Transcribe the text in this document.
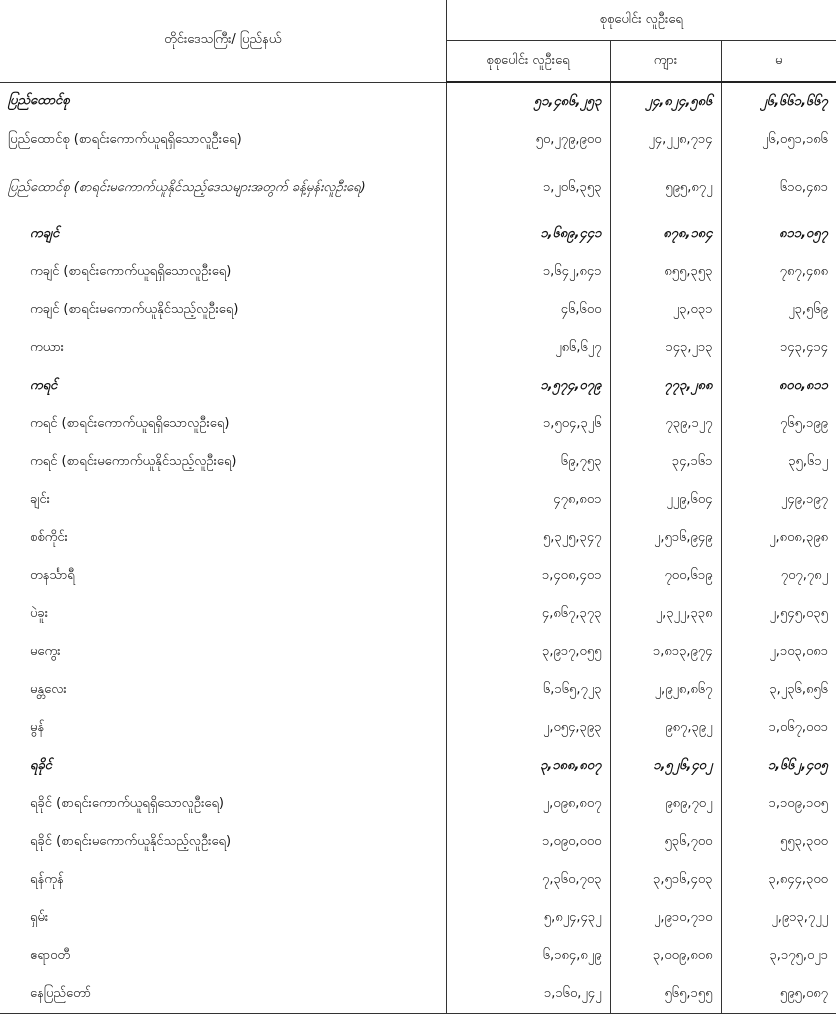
တိုင်းဒေသကြီး/ ပြည်နယ်	စုစုပေါင်း လူဦးရေ		
	စုစုပေါင်း လူဦးရေ	ကျား	မ
ပြည်ထောင်စု	၅၁,၄၈၆,၂၅၃	၂၄,၈၂၄,၅၈၆	၂၆,၆၆၁,၆၆၇
ပြည်ထောင်စု (စာရင်းကောက်ယူရရှိသောလူဦးရေ)	၅၀,၂၇၉,၉၀၀	၂၄,၂၂၈,၇၁၄	၂၆,၀၅၁,၁၈၆
ပြည်ထောင်စု (စာရင်းမကောက်ယူနိုင်သည့်ဒေသများအတွက် ခန့်မှန်းလူဦးရေ)	၁,၂၀၆,၃၅၃	၅၉၅,၈၇၂	၆၁၀,၄၈၁
ကချင်	၁,၆၈၉,၄၄၁	၈၇၈,၁၈၄	၈၁၁,၀၅၇
ကချင် (စာရင်းကောက်ယူရရှိသောလူဦးရေ)	၁,၆၄၂,၈၄၁	၈၅၅,၃၅၃	၇၈၇,၄၈၈
ကချင် (စာရင်းမကောက်ယူနိုင်သည့်လူဦးရေ)	၄၆,၆၀၀	၂၃,၀၃၁	၂၃,၅၆၉
ကယား	၂၈၆,၆၂၇	၁၄၃,၂၁၃	၁၄၃,၄၁၄
ကရင်	၁,၅၇၄,၀၇၉	၇၇၃,၂၈၈	၈၀၀,၈၁၁
ကရင် (စာရင်းကောက်ယူရရှိသောလူဦးရေ)	၁,၅၀၄,၃၂၆	၇၃၉,၁၂၇	၇၆၅,၁၉၉
ကရင် (စာရင်းမကောက်ယူနိုင်သည့်လူဦးရေ)	၆၉,၇၅၃	၃၄,၁၆၁	၃၅,၆၁၂
ချင်း	၄၇၈,၈၀၁	၂၂၉,၆၀၄	၂၄၉,၁၉၇
စစ်ကိုင်း	၅,၃၂၅,၃၄၇	၂,၅၁၆,၉၄၉	၂,၈၀၈,၃၉၈
တနင်္သာရီ	၁,၄၀၈,၄၀၁	၇၀၀,၆၁၉	၇၀၇,၇၈၂
ပဲခူး	၄,၈၆၇,၃၇၃	၂,၃၂၂,၃၃၈	၂,၅၄၅,၀၃၅
မကွေး	၃,၉၁၇,၀၅၅	၁,၈၁၃,၉၇၄	၂,၁၀၃,၀၈၁
မန္တလေး	၆,၁၆၅,၇၂၃	၂,၉၂၈,၈၆၇	၃,၂၃၆,၈၅၆
မွန်	၂,၀၅၄,၃၉၃	၉၈၇,၃၉၂	၁,၀၆၇,၀၀၁
ရခိုင်	၃,၁၈၈,၈၀၇	၁,၅၂၆,၄၀၂	၁,၆၆၂,၄၀၅
ရခိုင် (စာရင်းကောက်ယူရရှိသောလူဦးရေ)	၂,၀၉၈,၈၀၇	၉၈၉,၇၀၂	၁,၁၀၉,၁၀၅
ရခိုင် (စာရင်းမကောက်ယူနိုင်သည့်လူဦးရေ)	၁,၀၉၀,၀၀၀	၅၃၆,၇၀၀	၅၅၃,၃၀၀
ရန်ကုန်	၇,၃၆၀,၇၀၃	၃,၅၁၆,၄၀၃	၃,၈၄၄,၃၀၀
ရှမ်း	၅,၈၂၄,၄၃၂	၂,၉၁၀,၇၁၀	၂,၉၁၃,၇၂၂
ဧရာဝတီ	၆,၁၈၄,၈၂၉	၃,၀၀၉,၈၀၈	၃,၁၇၅,၀၂၁
နေပြည်တော်	၁,၁၆၀,၂၄၂	၅၆၅,၁၅၅	၅၉၅,၀၈၇
